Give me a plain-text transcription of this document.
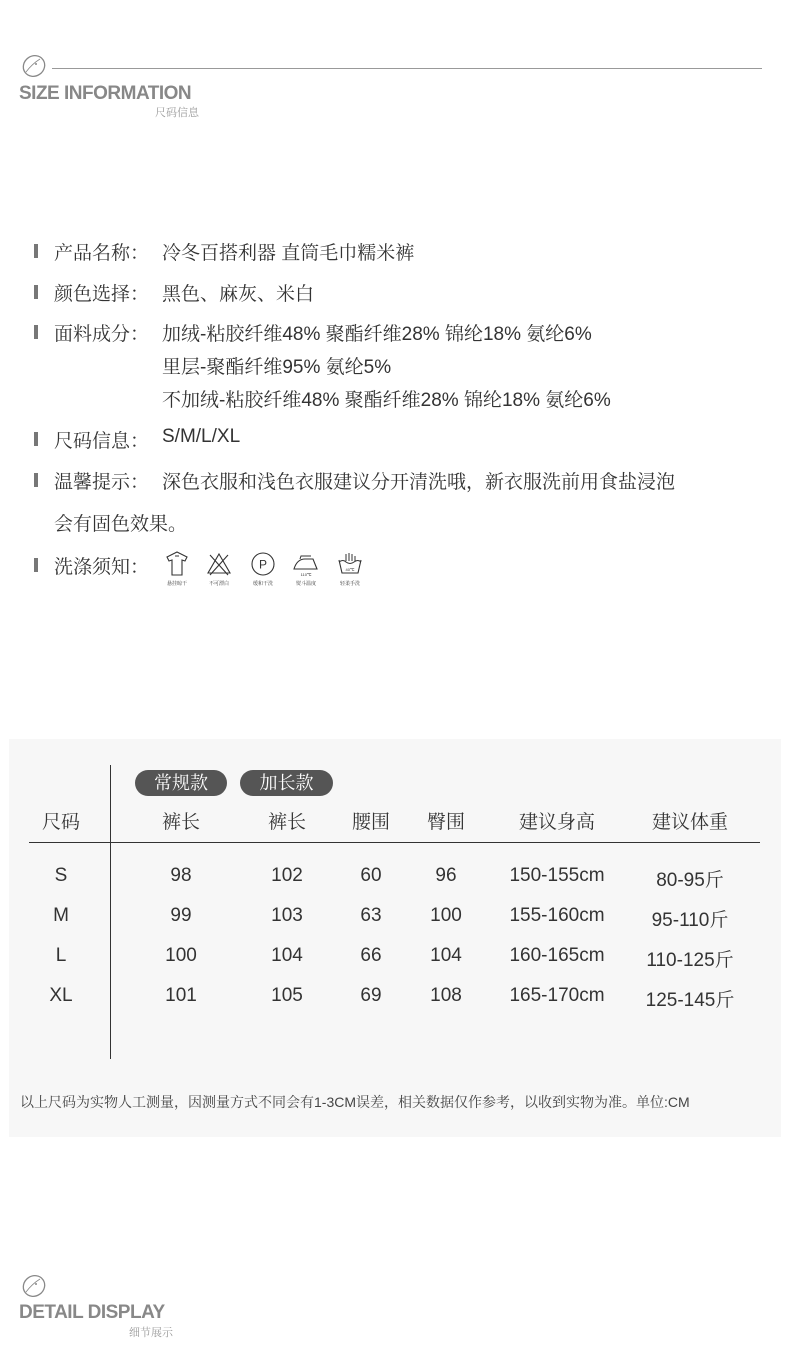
SIZE INFORMATION
尺码信息
产品名称： 冷冬百搭利器 直筒毛巾糯米裤
颜色选择： 黑色、麻灰、米白
面料成分： 加绒-粘胶纤维48% 聚酯纤维28% 锦纶18% 氨纶6%
里层-聚酯纤维95% 氨纶5%
不加绒-粘胶纤维48% 聚酯纤维28% 锦纶18% 氨纶6%
尺码信息： S/M/L/XL
温馨提示： 深色衣服和浅色衣服建议分开清洗哦，新衣服洗前用食盐浸泡
会有固色效果。
洗涤须知：
悬挂晾干	不可漂白
P
缓和干洗
110℃
熨斗温度
40℃
轻柔手洗
常规款	加长款
尺码	裤长	裤长	腰围	臀围	建议身高	建议体重
S	98	102	60	96	150-155cm	80-95斤
M	99	103	63	100	155-160cm	95-110斤
L	100	104	66	104	160-165cm	110-125斤
XL	101	105	69	108	165-170cm	125-145斤
以上尺码为实物人工测量，因测量方式不同会有1-3CM误差，相关数据仅作参考，以收到实物为准。单位:CM
DETAIL DISPLAY
细节展示
